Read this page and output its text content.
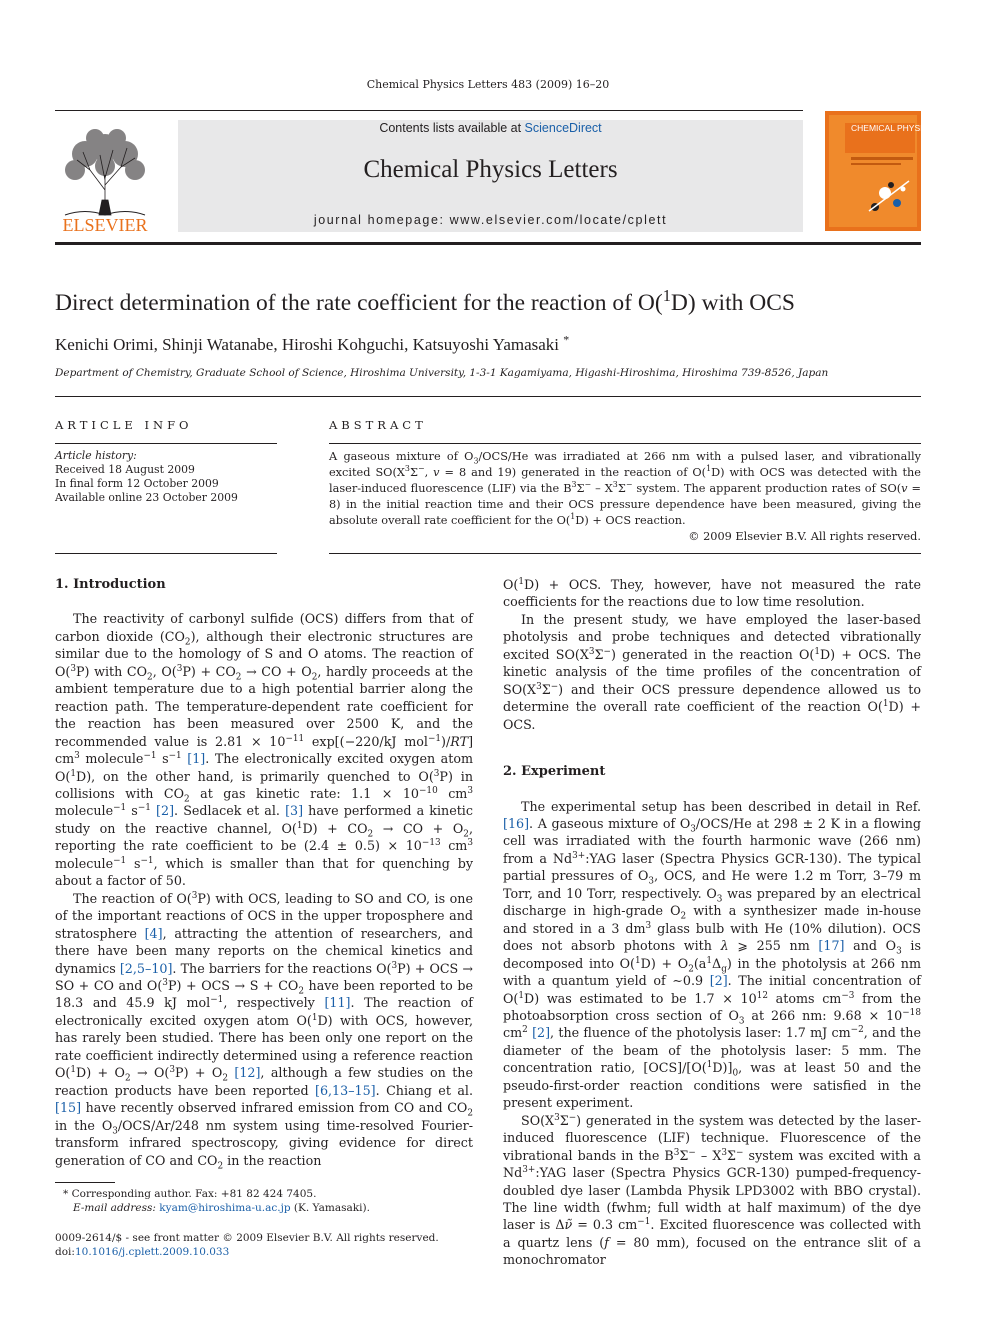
Chemical Physics Letters 483 (2009) 16–20
ELSEVIER
Contents lists available at ScienceDirect
Chemical Physics Letters
journal homepage: www.elsevier.com/locate/cplett
CHEMICAL PHYSICS LETTERS
Direct determination of the rate coefficient for the reaction of O($^1$D) with OCS
Kenichi Orimi, Shinji Watanabe, Hiroshi Kohguchi, Katsuyoshi Yamasaki *
Department of Chemistry, Graduate School of Science, Hiroshima University, 1-3-1 Kagamiyama, Higashi-Hiroshima, Hiroshima 739-8526, Japan
ARTICLE INFO
Article history:
Received 18 August 2009
In final form 12 October 2009
Available online 23 October 2009
ABSTRACT
A gaseous mixture of $O_3/OCS/He$ was irradiated at 266 nm with a pulsed laser, and vibrationally excited $SO(X^3\Sigma^-$, v = 8 and 19) generated in the reaction of O($^1$D) with OCS was detected with the laser-induced fluorescence (LIF) via the $B^3\Sigma^- - X^3\Sigma^-$ system. The apparent production rates of SO(v = 8) in the initial reaction time and their OCS pressure dependence have been measured, giving the absolute overall rate coefficient for the O($^1$D) + OCS reaction.
© 2009 Elsevier B.V. All rights reserved.
1. Introduction

The reactivity of carbonyl sulfide (OCS) differs from that of carbon dioxide $(CO_2)$, although their electronic structures are similar due to the homology of S and O atoms. The reaction of O($^3$P) with $CO_2$, $O(^3P) + CO_2$ → CO + $O_2$, hardly proceeds at the ambient temperature due to a high potential barrier along the reaction path. The temperature-dependent rate coefficient for the reaction has been measured over 2500 K, and the recommended value is $2.81 \times 10^{-11}$ exp[(−220/kJ mol$^{-1}$)/RT] $cm^3$ molecule$^{-1}$ $s^{-1}$ [1]. The electronically excited oxygen atom O($^1$D), on the other hand, is primarily quenched to O($^3$P) in collisions with $CO_2$ at gas kinetic rate: $1.1 \times 10^{-10}$ $cm^3$ molecule$^{-1}$ $s^{-1}$ [2]. Sedlacek et al. [3] have performed a kinetic study on the reactive channel, $O(^1D) + CO_2$ → CO + $O_2$, reporting the rate coefficient to be $(2.4 \pm 0.5) \times 10^{-13}$ $cm^3$ molecule$^{-1}$ $s^{-1}$, which is smaller than that for quenching by about a factor of 50.

The reaction of O($^3$P) with OCS, leading to SO and CO, is one of the important reactions of OCS in the upper troposphere and stratosphere [4], attracting the attention of researchers, and there have been many reports on the chemical kinetics and dynamics [2,5–10]. The barriers for the reactions O($^3$P) + OCS → SO + CO and O($^3$P) + OCS → $S + CO_2$ have been reported to be 18.3 and 45.9 kJ mol$^{-1}$, respectively [11]. The reaction of electronically excited oxygen atom O($^1$D) with OCS, however, has rarely been studied. There has been only one report on the rate coefficient indirectly determined using a reference reaction $O(^1D) + O_2 \to O(^3P) + O_2$ [12], although a few studies on the reaction products have been reported [6,13–15]. Chiang et al. [15] have recently observed infrared emission from CO and $CO_2$ in the $O_3/OCS/Ar/248$ nm system using time-resolved Fourier-transform infrared spectroscopy, giving evidence for direct generation of CO and $CO_2$ in the reaction

* Corresponding author. Fax: +81 82 424 7405.
E-mail address: kyam@hiroshima-u.ac.jp (K. Yamasaki).
0009-2614/$ - see front matter © 2009 Elsevier B.V. All rights reserved.
doi:10.1016/j.cplett.2009.10.033

O($^1$D) + OCS. They, however, have not measured the rate coefficients for the reactions due to low time resolution.

In the present study, we have employed the laser-based photolysis and probe techniques and detected vibrationally excited $SO(X^3\Sigma^-)$ generated in the reaction O($^1$D) + OCS. The kinetic analysis of the time profiles of the concentration of $SO(X^3\Sigma^-)$ and their OCS pressure dependence allowed us to determine the overall rate coefficient of the reaction O($^1$D) + OCS.

2. Experiment

The experimental setup has been described in detail in Ref. [16]. A gaseous mixture of $O_3/OCS/He$ at 298 ± 2 K in a flowing cell was irradiated with the fourth harmonic wave (266 nm) from a $Nd^{3+}:YAG$ laser (Spectra Physics GCR-130). The typical partial pressures of $O_3$, OCS, and He were 1.2 m Torr, 3–79 m Torr, and 10 Torr, respectively. $O_3$ was prepared by an electrical discharge in high-grade $O_2$ with a synthesizer made in-house and stored in a 3 $dm^3$ glass bulb with He (10% dilution). OCS does not absorb photons with λ ⩾ 255 nm [17] and $O_3$ is decomposed into $O(^1D) + O_2(a^1\Delta_g)$ in the photolysis at 266 nm with a quantum yield of ∼0.9 [2]. The initial concentration of O($^1$D) was estimated to be $1.7 \times 10^{12}$ atoms $cm^{-3}$ from the photoabsorption cross section of $O_3$ at 266 nm: $9.68 \times 10^{-18}$ $cm^2$ [2], the fluence of the photolysis laser: 1.7 mJ $cm^{-2}$, and the diameter of the beam of the photolysis laser: 5 mm. The concentration ratio, $[OCS]/[O(^1D)]_0$, was at least 50 and the pseudo-first-order reaction conditions were satisfied in the present experiment.

$SO(X^3\Sigma^-)$ generated in the system was detected by the laser-induced fluorescence (LIF) technique. Fluorescence of the vibrational bands in the $B^3\Sigma^- - X^3\Sigma^-$ system was excited with a $Nd^{3+}:YAG$ laser (Spectra Physics GCR-130) pumped-frequency-doubled dye laser (Lambda Physik LPD3002 with BBO crystal). The line width (fwhm; full width at half maximum) of the dye laser is Δν̃ = 0.3 $cm^{-1}$. Excited fluorescence was collected with a quartz lens (f = 80 mm), focused on the entrance slit of a monochromator
